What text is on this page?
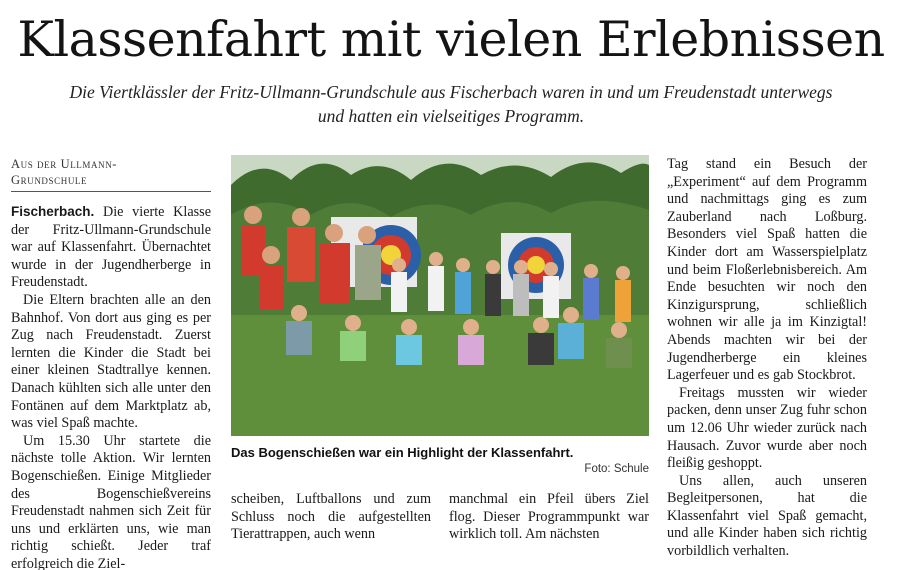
Klassenfahrt mit vielen Erlebnissen

Die Viertklässler der Fritz-Ullmann-Grundschule aus Fischerbach waren in und um Freudenstadt unterwegs und hatten ein vielseitiges Programm.

Aus der Ullmann-
Grundschule

Fischerbach. Die vierte Klasse der Fritz-Ullmann-Grundschule war auf Klassenfahrt. Übernachtet wurde in der Jugendherberge in Freudenstadt.

Die Eltern brachten alle an den Bahnhof. Von dort aus ging es per Zug nach Freudenstadt. Zuerst lernten die Kinder die Stadt bei einer kleinen Stadtrallye kennen. Danach kühlten sich alle unter den Fontänen auf dem Marktplatz ab, was viel Spaß machte.

Um 15.30 Uhr startete die nächste tolle Aktion. Wir lernten Bogenschießen. Einige Mitglieder des Bogenschießvereins Freudenstadt nahmen sich Zeit für uns und erklärten uns, wie man richtig schießt. Jeder traf erfolgreich die Ziel-

Das Bogenschießen war ein Highlight der Klassenfahrt.
Foto: Schule

scheiben, Luftballons und zum Schluss noch die aufgestellten Tierattrappen, auch wenn

manchmal ein Pfeil übers Ziel flog. Dieser Programmpunkt war wirklich toll. Am nächsten

Tag stand ein Besuch der „Experiment“ auf dem Programm und nachmittags ging es zum Zauberland nach Loßburg. Besonders viel Spaß hatten die Kinder dort am Wasserspielplatz und beim Floßerlebnisbereich. Am Ende besuchten wir noch den Kinzigursprung, schließlich wohnen wir alle ja im Kinzigtal! Abends machten wir bei der Jugendherberge ein kleines Lagerfeuer und es gab Stockbrot.

Freitags mussten wir wieder packen, denn unser Zug fuhr schon um 12.06 Uhr wieder zurück nach Hausach. Zuvor wurde aber noch fleißig geshoppt.

Uns allen, auch unseren Begleitpersonen, hat die Klassenfahrt viel Spaß gemacht, und alle Kinder haben sich richtig vorbildlich verhalten.
